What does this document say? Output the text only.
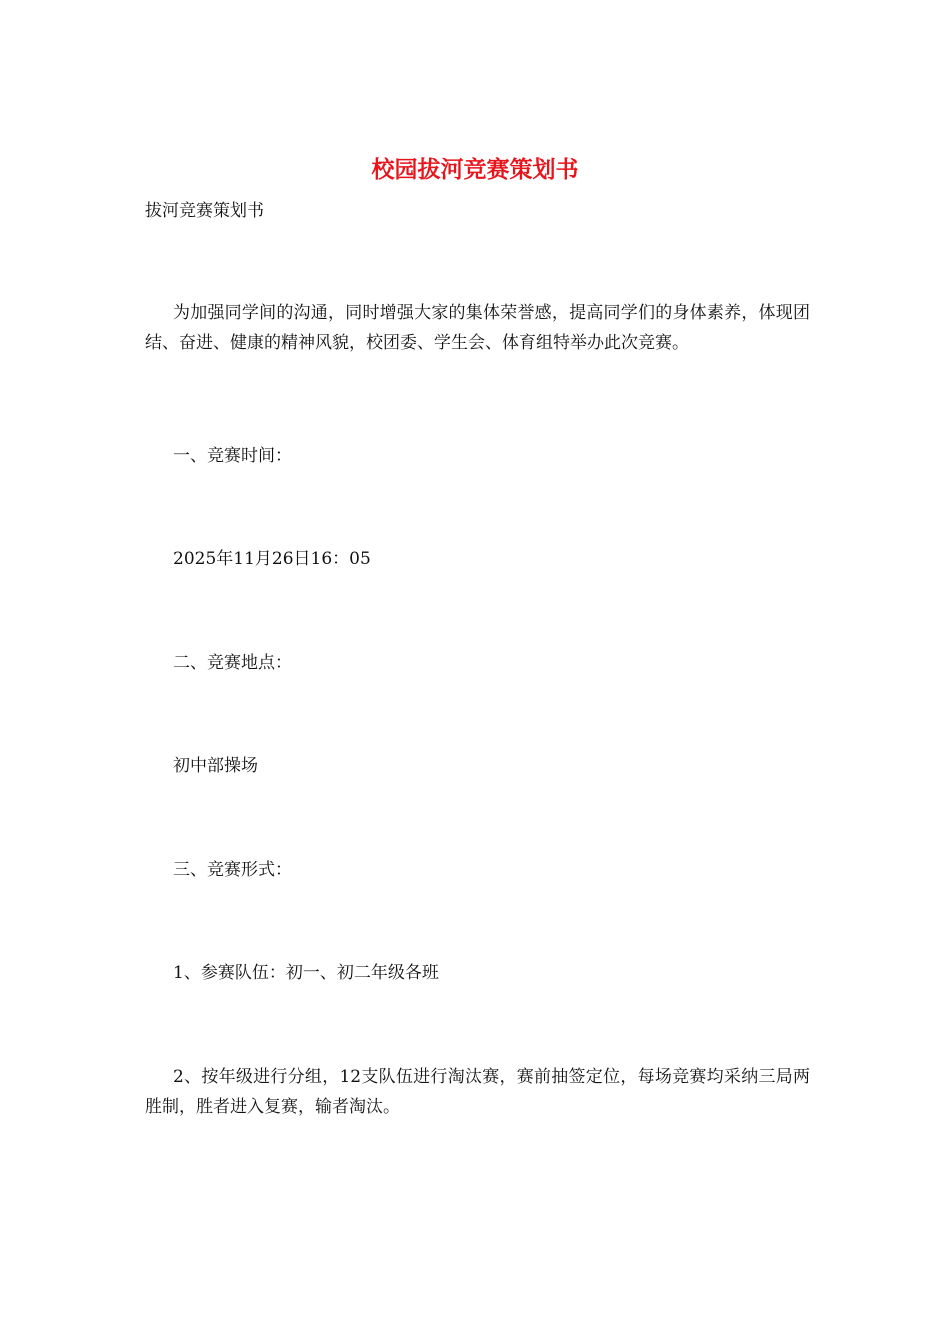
校园拔河竞赛策划书
拔河竞赛策划书
为加强同学间的沟通，同时增强大家的集体荣誉感，提高同学们的身体素养，体现团结、奋进、健康的精神风貌，校团委、学生会、体育组特举办此次竞赛。
一、竞赛时间：
2025年11月26日16：05
二、竞赛地点：
初中部操场
三、竞赛形式：
1、参赛队伍：初一、初二年级各班
2、按年级进行分组，12支队伍进行淘汰赛，赛前抽签定位，每场竞赛均采纳三局两胜制，胜者进入复赛，输者淘汰。
